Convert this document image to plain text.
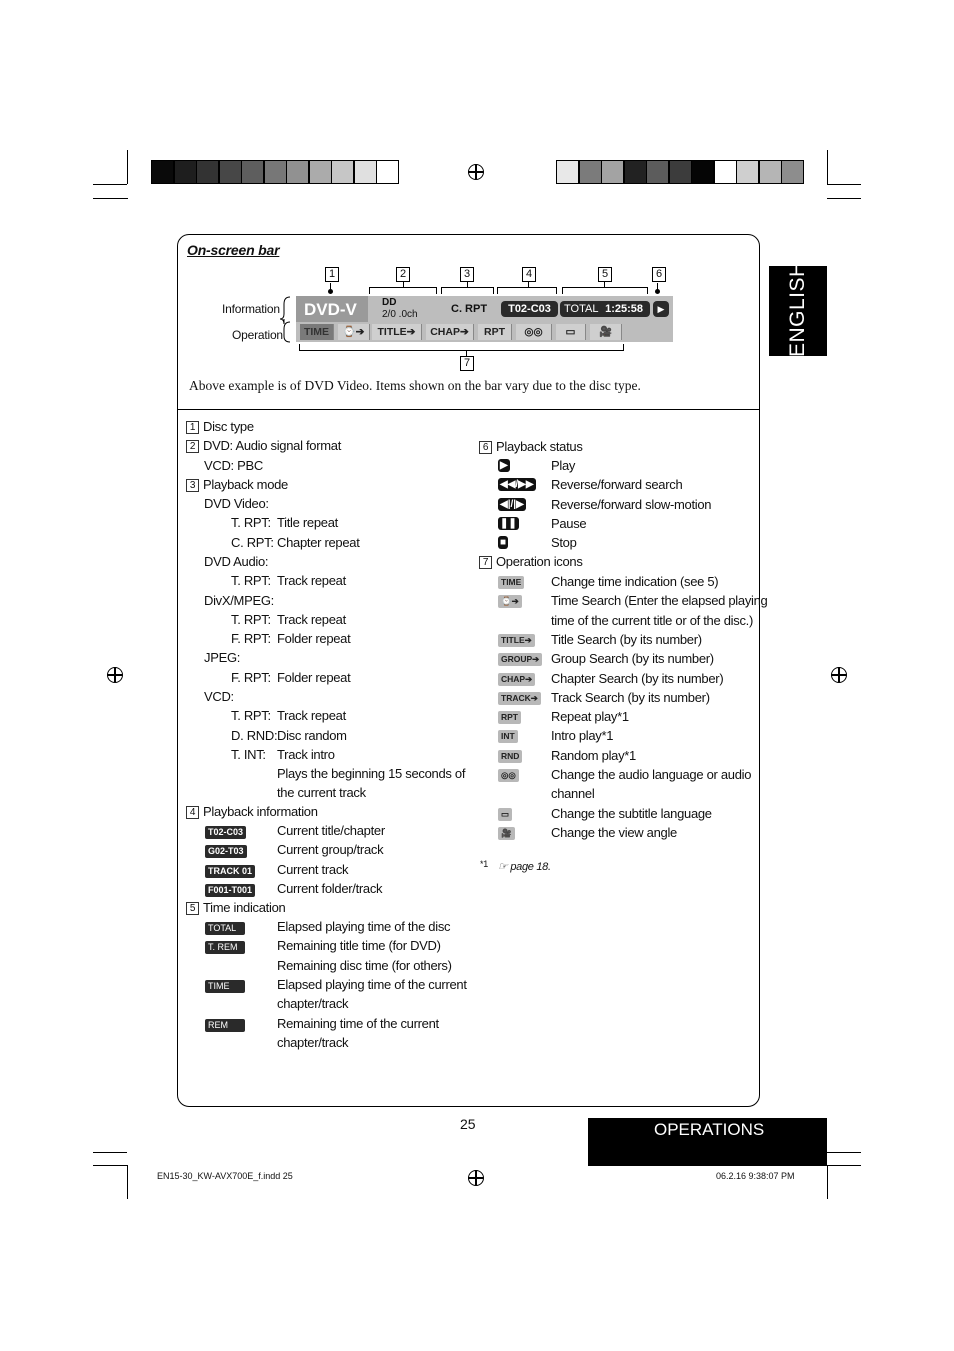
ENGLISH
On-screen bar
1	2	3	4	5	6
7
Information
Operation
DVD-V	DD
2/0 .0ch	C. RPT	T02-C03	TOTAL 1:25:58	▶
TIME	⌚➔	TITLE➔	CHAP➔	RPT	◎◎	▭	🎥
Above example is of DVD Video. Items shown on the bar vary due to the disc type.
1 Disc type
2 DVD: Audio signal format
VCD: PBC
3 Playback mode
DVD Video:
T. RPT: Title repeat
C. RPT: Chapter repeat
DVD Audio:
T. RPT: Track repeat
DivX/MPEG:
T. RPT: Track repeat
F. RPT: Folder repeat
JPEG:
F. RPT: Folder repeat
VCD:
T. RPT: Track repeat
D. RND: Disc random
T. INT: Track intro
Plays the beginning 15 seconds of
the current track
4 Playback information
T02-C03	Current title/chapter
G02-T03	Current group/track
TRACK 01 Current track
F001-T001 Current folder/track
5 Time indication
TOTAL	Elapsed playing time of the disc
T. REM	Remaining title time (for DVD)
Remaining disc time (for others)
TIME	Elapsed playing time of the current
chapter/track
REM	Remaining time of the current
chapter/track
6 Playback status
▶	Play
◀◀/▶▶ Reverse/forward search
◀|/|▶ Reverse/forward slow-motion
❚❚	Pause
■	Stop
7 Operation icons
TIME Change time indication (see 5)
⌚➔ Time Search (Enter the elapsed playing
time of the current title or of the disc.)
TITLE➔ Title Search (by its number)
GROUP➔ Group Search (by its number)
CHAP➔ Chapter Search (by its number)
TRACK➔ Track Search (by its number)
RPT	Repeat play*1
INT	Intro play*1
RND Random play*1
◎◎	Change the audio language or audio
channel
▭	Change the subtitle language
🎥	Change the view angle
*1 ☞ page 18.
25	OPERATIONS
EN15-30_KW-AVX700E_f.indd 25	06.2.16 9:38:07 PM
